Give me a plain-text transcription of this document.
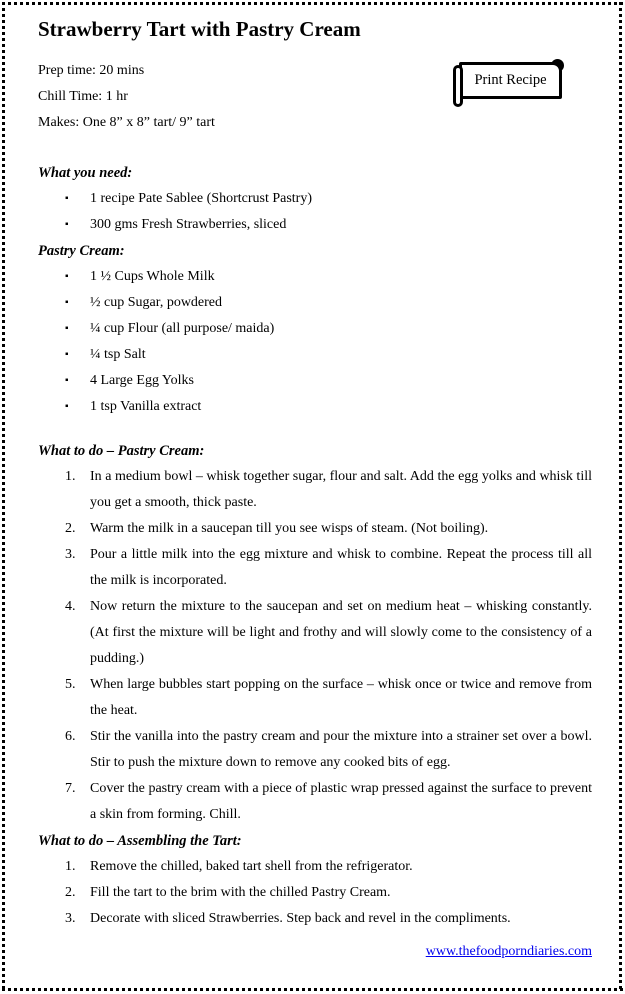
Print Recipe
Strawberry Tart with Pastry Cream

Prep time: 20 mins

Chill Time: 1 hr

Makes: One 8” x 8” tart/ 9” tart

What you need:
▪ 1 recipe Pate Sablee (Shortcrust Pastry)
▪ 300 gms Fresh Strawberries, sliced
Pastry Cream:
▪ 1 ½ Cups Whole Milk
▪ ½ cup Sugar, powdered
▪ ¼ cup Flour (all purpose/ maida)
▪ ¼ tsp Salt
▪ 4 Large Egg Yolks
▪ 1 tsp Vanilla extract
What to do – Pastry Cream:
In a medium bowl – whisk together sugar, flour and salt. Add the egg yolks and whisk till you get a smooth, thick paste.
Warm the milk in a saucepan till you see wisps of steam. (Not boiling).
Pour a little milk into the egg mixture and whisk to combine. Repeat the process till all the milk is incorporated.
Now return the mixture to the saucepan and set on medium heat – whisking constantly. (At first the mixture will be light and frothy and will slowly come to the consistency of a pudding.)
When large bubbles start popping on the surface – whisk once or twice and remove from the heat.
Stir the vanilla into the pastry cream and pour the mixture into a strainer set over a bowl. Stir to push the mixture down to remove any cooked bits of egg.
Cover the pastry cream with a piece of plastic wrap pressed against the surface to prevent a skin from forming. Chill.
What to do – Assembling the Tart:
Remove the chilled, baked tart shell from the refrigerator.
Fill the tart to the brim with the chilled Pastry Cream.
Decorate with sliced Strawberries. Step back and revel in the compliments.
www.thefoodporndiaries.com
